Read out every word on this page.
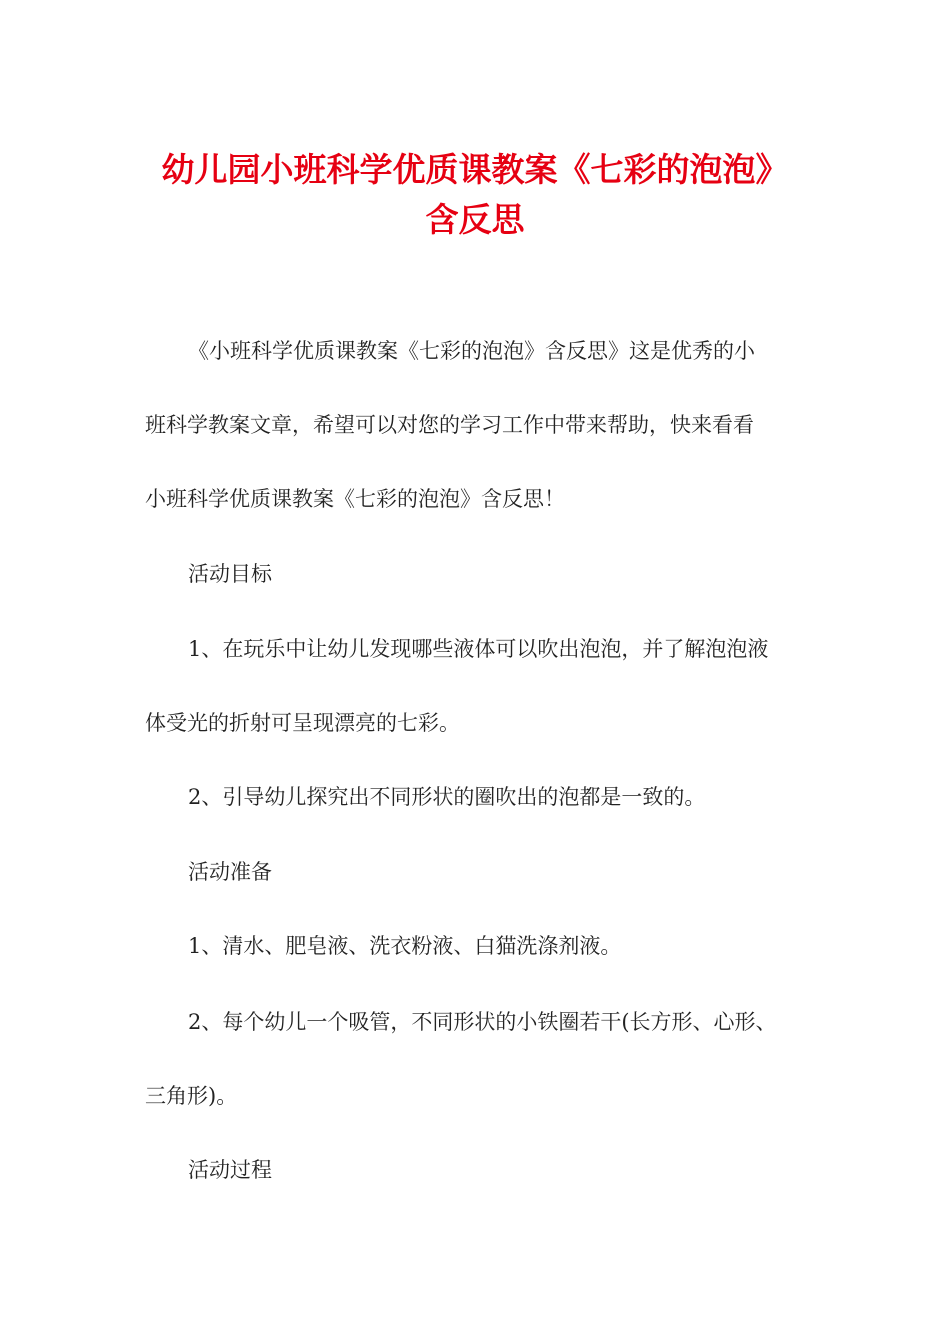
幼儿园小班科学优质课教案《七彩的泡泡》
含反思

《小班科学优质课教案《七彩的泡泡》含反思》这是优秀的小

班科学教案文章，希望可以对您的学习工作中带来帮助，快来看看

小班科学优质课教案《七彩的泡泡》含反思！

活动目标

1、在玩乐中让幼儿发现哪些液体可以吹出泡泡，并了解泡泡液

体受光的折射可呈现漂亮的七彩。

2、引导幼儿探究出不同形状的圈吹出的泡都是一致的。

活动准备

1、清水、肥皂液、洗衣粉液、白猫洗涤剂液。

2、每个幼儿一个吸管，不同形状的小铁圈若干(长方形、心形、

三角形)。

活动过程
